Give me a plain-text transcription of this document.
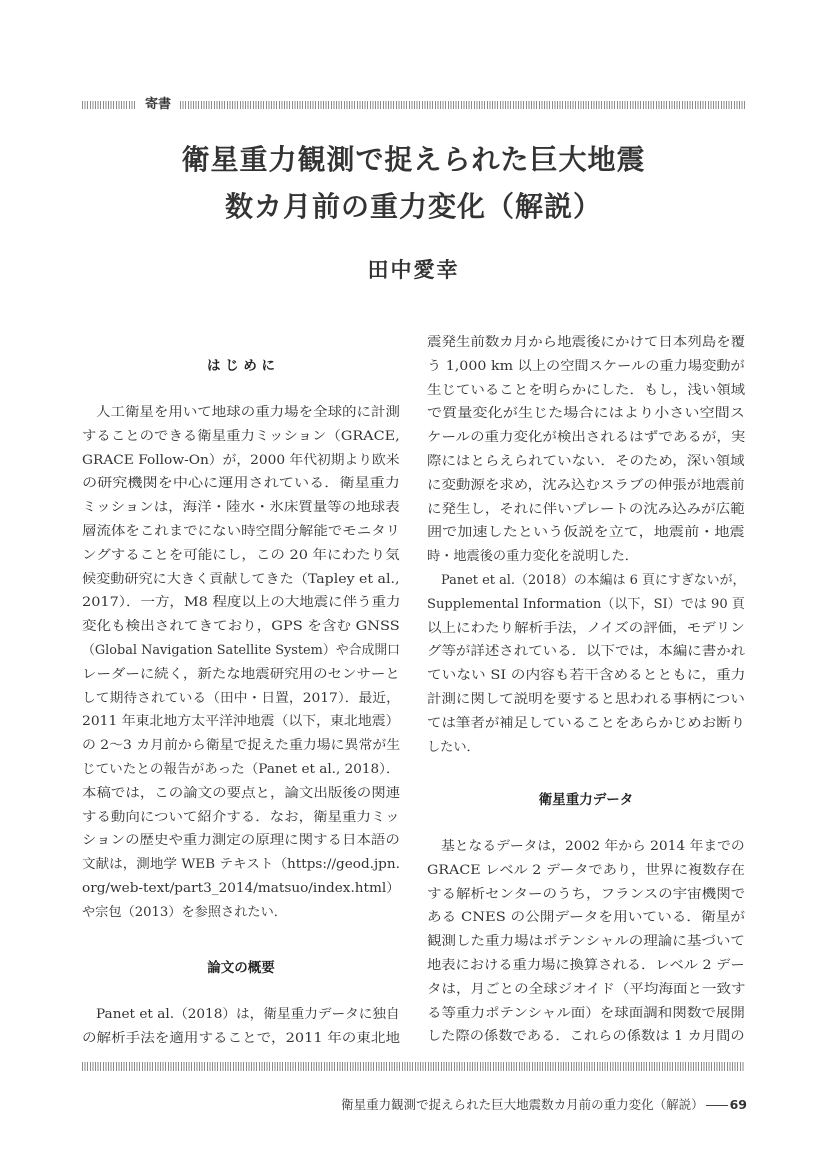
寄書
衛星重力観測で捉えられた巨大地震
数カ月前の重力変化（解説）
田中愛幸
は じ め に
人工衛星を用いて地球の重力場を全球的に計測
することのできる衛星重力ミッション（GRACE,
GRACE Follow-On）が，2000 年代初期より欧米
の研究機関を中心に運用されている．衛星重力
ミッションは，海洋・陸水・氷床質量等の地球表
層流体をこれまでにない時空間分解能でモニタリ
ングすることを可能にし，この 20 年にわたり気
候変動研究に大きく貢献してきた（Tapley et al.,
2017）．一方，M8 程度以上の大地震に伴う重力
変化も検出されてきており，GPS を含む GNSS
（Global Navigation Satellite System）や合成開口
レーダーに続く，新たな地震研究用のセンサーと
して期待されている（田中・日置，2017）．最近，
2011 年東北地方太平洋沖地震（以下，東北地震）
の 2〜3 カ月前から衛星で捉えた重力場に異常が生
じていたとの報告があった（Panet et al., 2018）．
本稿では，この論文の要点と，論文出版後の関連
する動向について紹介する．なお，衛星重力ミッ
ションの歴史や重力測定の原理に関する日本語の
文献は，測地学 WEB テキスト（https://geod.jpn.
org/web-text/part3_2014/matsuo/index.html）
や宗包（2013）を参照されたい．
論文の概要
Panet et al.（2018）は，衛星重力データに独自
の解析手法を適用することで，2011 年の東北地
震発生前数カ月から地震後にかけて日本列島を覆
う 1,000 km 以上の空間スケールの重力場変動が
生じていることを明らかにした．もし，浅い領域
で質量変化が生じた場合にはより小さい空間ス
ケールの重力変化が検出されるはずであるが，実
際にはとらえられていない．そのため，深い領域
に変動源を求め，沈み込むスラブの伸張が地震前
に発生し，それに伴いプレートの沈み込みが広範
囲で加速したという仮説を立て，地震前・地震
時・地震後の重力変化を説明した．
Panet et al.（2018）の本編は 6 頁にすぎないが，
Supplemental Information（以下，SI）では 90 頁
以上にわたり解析手法，ノイズの評価，モデリン
グ等が詳述されている．以下では，本編に書かれ
ていない SI の内容も若干含めるとともに，重力
計測に関して説明を要すると思われる事柄につい
ては筆者が補足していることをあらかじめお断り
したい．
衛星重力データ
基となるデータは，2002 年から 2014 年までの
GRACE レベル 2 データであり，世界に複数存在
する解析センターのうち，フランスの宇宙機関で
ある CNES の公開データを用いている．衛星が
観測した重力場はポテンシャルの理論に基づいて
地表における重力場に換算される．レベル 2 デー
タは，月ごとの全球ジオイド（平均海面と一致す
る等重力ポテンシャル面）を球面調和関数で展開
した際の係数である．これらの係数は 1 カ月間の
衛星重力観測で捉えられた巨大地震数カ月前の重力変化（解説） 69
